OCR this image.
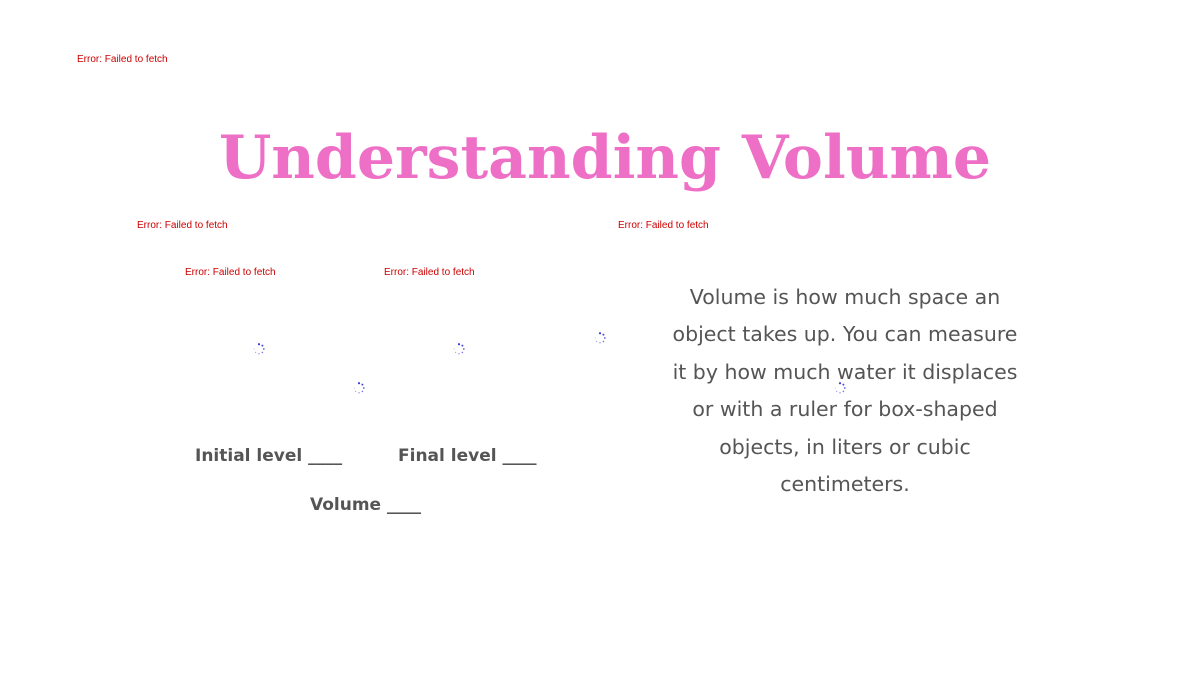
Error: Failed to fetch
Error: Failed to fetch	Error: Failed to fetch
Error: Failed to fetch	Error: Failed to fetch
Understanding Volume
Initial level ____	Final level ____
Volume ____

Volume is how much space an object takes up. You can measure it by how much water it displaces or with a ruler for box-shaped objects, in liters or cubic centimeters.
